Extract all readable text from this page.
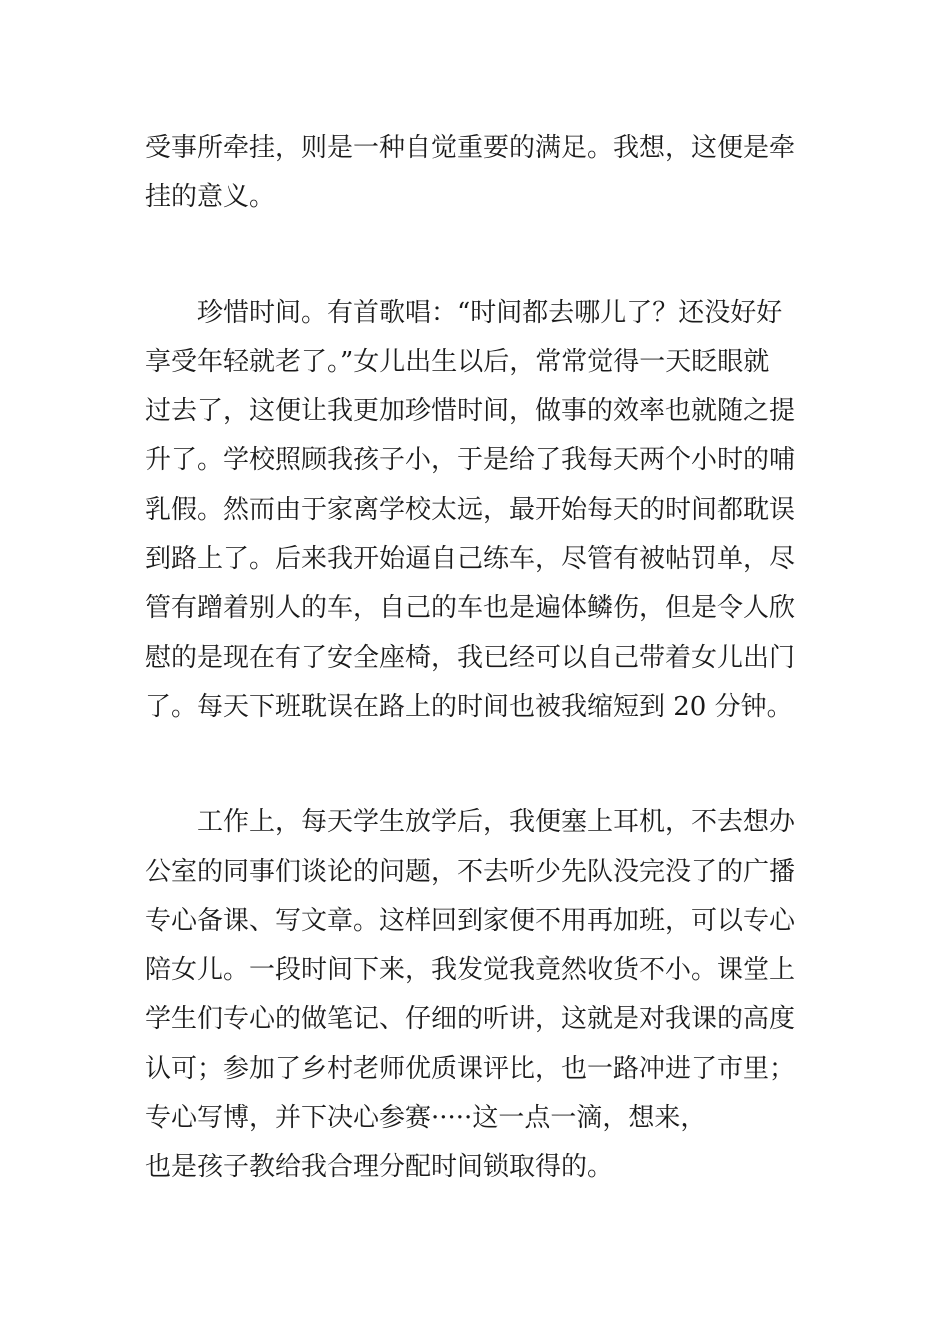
受事所牵挂，则是一种自觉重要的满足。我想，这便是牵
挂的意义。

　　珍惜时间。有首歌唱：“时间都去哪儿了？还没好好
享受年轻就老了。”女儿出生以后，常常觉得一天眨眼就
过去了，这便让我更加珍惜时间，做事的效率也就随之提
升了。学校照顾我孩子小，于是给了我每天两个小时的哺
乳假。然而由于家离学校太远，最开始每天的时间都耽误
到路上了。后来我开始逼自己练车，尽管有被帖罚单，尽
管有蹭着别人的车，自己的车也是遍体鳞伤，但是令人欣
慰的是现在有了安全座椅，我已经可以自己带着女儿出门
了。每天下班耽误在路上的时间也被我缩短到 20 分钟。

　　工作上，每天学生放学后，我便塞上耳机，不去想办
公室的同事们谈论的问题，不去听少先队没完没了的广播
专心备课、写文章。这样回到家便不用再加班，可以专心
陪女儿。一段时间下来，我发觉我竟然收货不小。课堂上
学生们专心的做笔记、仔细的听讲，这就是对我课的高度
认可；参加了乡村老师优质课评比，也一路冲进了市里；
专心写博，并下决心参赛·····这一点一滴，想来，
也是孩子教给我合理分配时间锁取得的。
